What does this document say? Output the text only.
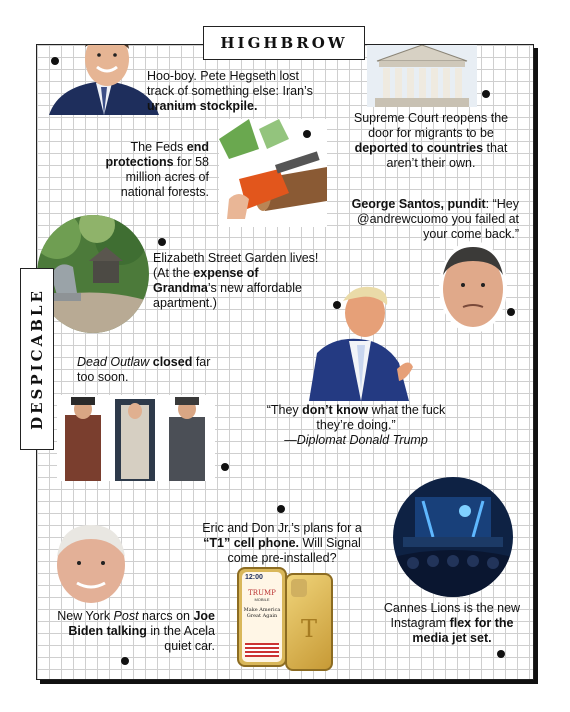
Hoo-boy. Pete Hegseth lost track of something else: Iran’s uranium stockpile.
Supreme Court reopens the door for migrants to be deported to countries that aren’t their own.
The Feds end protections for 58 million acres of national forests.
George Santos, pundit: “Hey @andrewcuomo you failed at your come back.”
Elizabeth Street Garden lives! (At the expense of Grandma’s new affordable apartment.)
Dead Outlaw closed far too soon.
“They don’t know what the fuck they’re doing.”
—Diplomat Donald Trump
Eric and Don Jr.’s plans for a “T1” cell phone. Will Signal come pre-installed?
12:00
TRUMP
MOBILE
Make America Great Again T
New York Post narcs on Joe Biden talking in the Acela quiet car.
Cannes Lions is the new Instagram flex for the media jet set.
HIGHBROW
DESPICABLE
